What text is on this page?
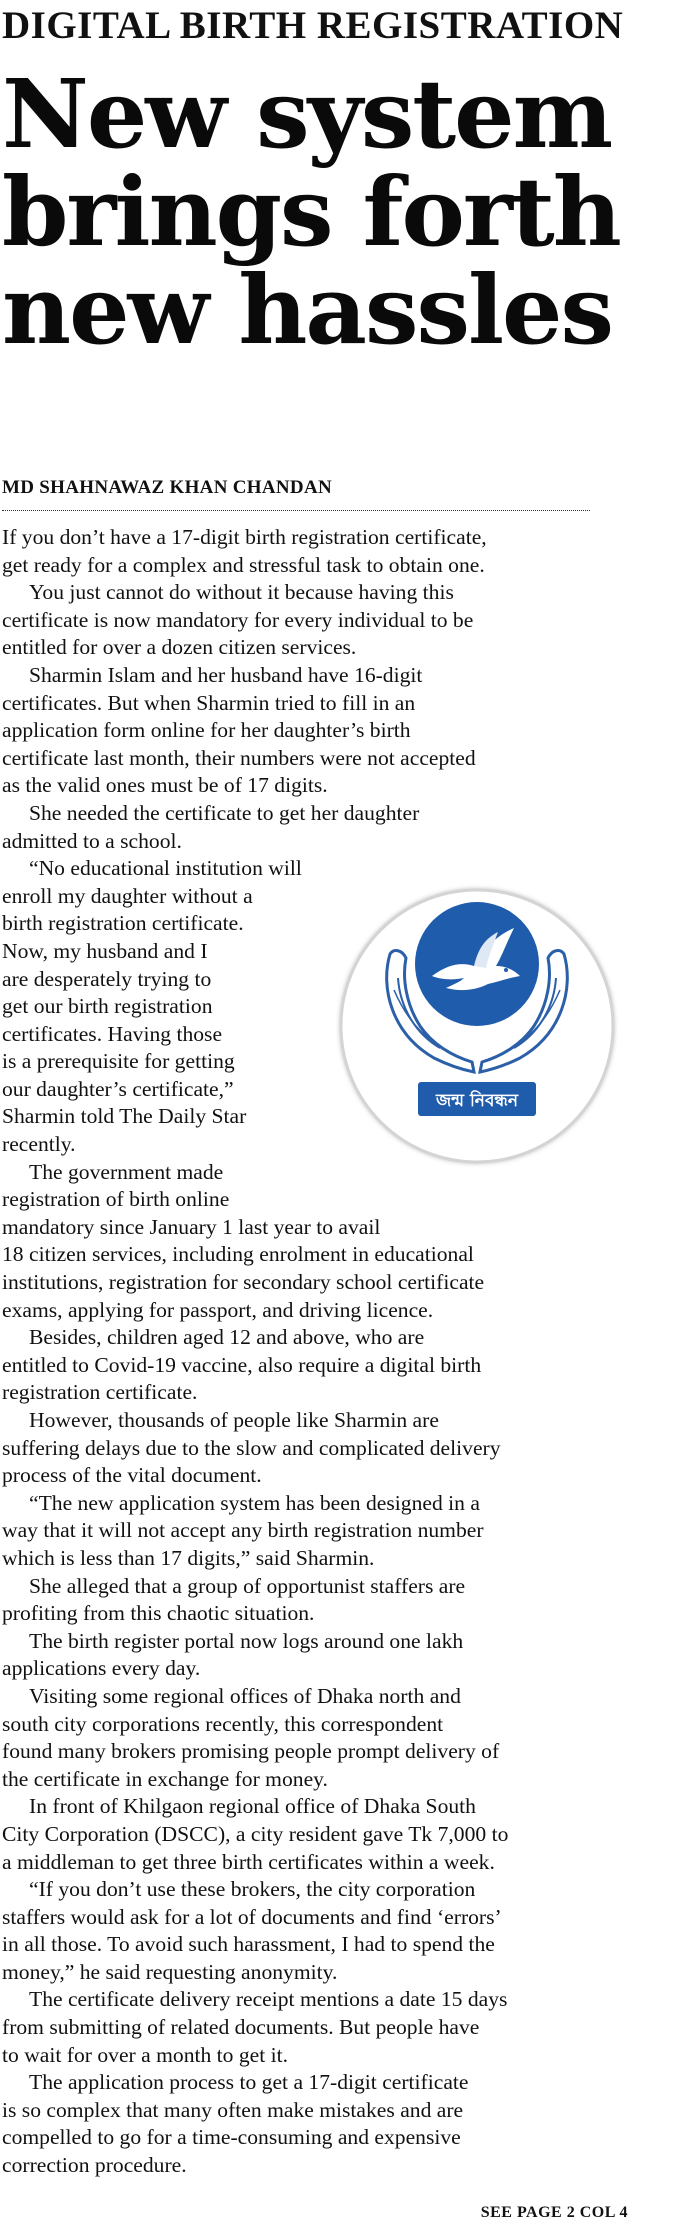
DIGITAL BIRTH REGISTRATION
New system
brings forth
new hassles
MD SHAHNAWAZ KHAN CHANDAN
If you don’t have a 17-digit birth registration certificate,
get ready for a complex and stressful task to obtain one.
You just cannot do without it because having this
certificate is now mandatory for every individual to be
entitled for over a dozen citizen services.
Sharmin Islam and her husband have 16-digit
certificates. But when Sharmin tried to fill in an
application form online for her daughter’s birth
certificate last month, their numbers were not accepted
as the valid ones must be of 17 digits.
She needed the certificate to get her daughter
admitted to a school.
“No educational institution will
enroll my daughter without a
birth registration certificate.
Now, my husband and I
are desperately trying to
get our birth registration
certificates. Having those
is a prerequisite for getting
our daughter’s certificate,”
Sharmin told The Daily Star
recently.
The government made
registration of birth online
mandatory since January 1 last year to avail
18 citizen services, including enrolment in educational
institutions, registration for secondary school certificate
exams, applying for passport, and driving licence.
Besides, children aged 12 and above, who are
entitled to Covid-19 vaccine, also require a digital birth
registration certificate.
However, thousands of people like Sharmin are
suffering delays due to the slow and complicated delivery
process of the vital document.
“The new application system has been designed in a
way that it will not accept any birth registration number
which is less than 17 digits,” said Sharmin.
She alleged that a group of opportunist staffers are
profiting from this chaotic situation.
The birth register portal now logs around one lakh
applications every day.
Visiting some regional offices of Dhaka north and
south city corporations recently, this correspondent
found many brokers promising people prompt delivery of
the certificate in exchange for money.
In front of Khilgaon regional office of Dhaka South
City Corporation (DSCC), a city resident gave Tk 7,000 to
a middleman to get three birth certificates within a week.
“If you don’t use these brokers, the city corporation
staffers would ask for a lot of documents and find ‘errors’
in all those. To avoid such harassment, I had to spend the
money,” he said requesting anonymity.
The certificate delivery receipt mentions a date 15 days
from submitting of related documents. But people have
to wait for over a month to get it.
The application process to get a 17-digit certificate
is so complex that many often make mistakes and are
compelled to go for a time-consuming and expensive
correction procedure.
জন্ম নিবন্ধন
SEE PAGE 2 COL 4
